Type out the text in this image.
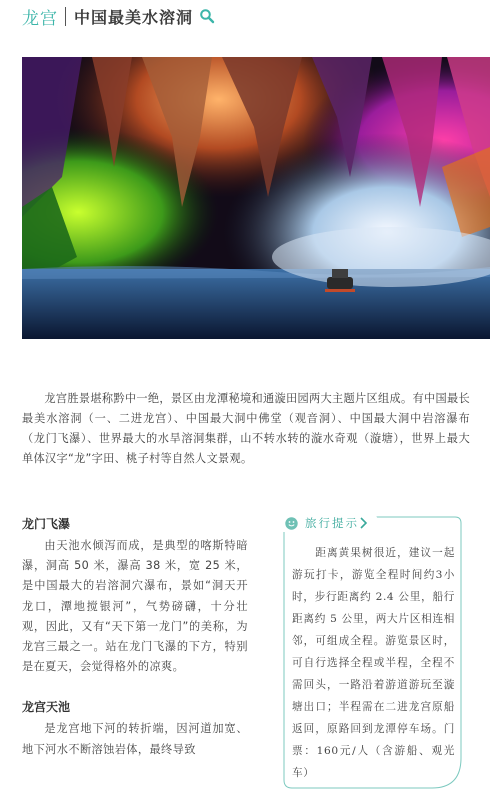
龙宫 中国最美水溶洞

龙宫胜景堪称黔中一绝，景区由龙潭秘境和通漩田园两大主题片区组成。有中国最长最美水溶洞（一、二进龙宫）、中国最大洞中佛堂（观音洞）、中国最大洞中岩溶瀑布（龙门飞瀑）、世界最大的水旱溶洞集群，山不转水转的漩水奇观（漩塘），世界上最大单体汉字“龙”字田、桃子村等自然人文景观。

龙门飞瀑

由天池水倾泻而成，是典型的喀斯特暗瀑，洞高 50 米，瀑高 38 米，宽 25 米，是中国最大的岩溶洞穴瀑布，景如“洞天开龙口，潭地搅银河”，气势磅礴，十分壮观，因此，又有“天下第一龙门”的美称，为龙宫三最之一。站在龙门飞瀑的下方，特别是在夏天，会觉得格外的凉爽。

龙宫天池

是龙宫地下河的转折端，因河道加宽、地下河水不断溶蚀岩体，最终导致

旅行提示

距离黄果树很近，建议一起游玩打卡，游览全程时间约3小时，步行距离约 2.4 公里，船行距离约 5 公里，两大片区相连相邻，可组成全程。游览景区时，可自行选择全程或半程，全程不需回头，一路沿着游道游玩至漩塘出口；半程需在二进龙宫原船返回，原路回到龙潭停车场。门票：160元/人（含游船、观光车）
